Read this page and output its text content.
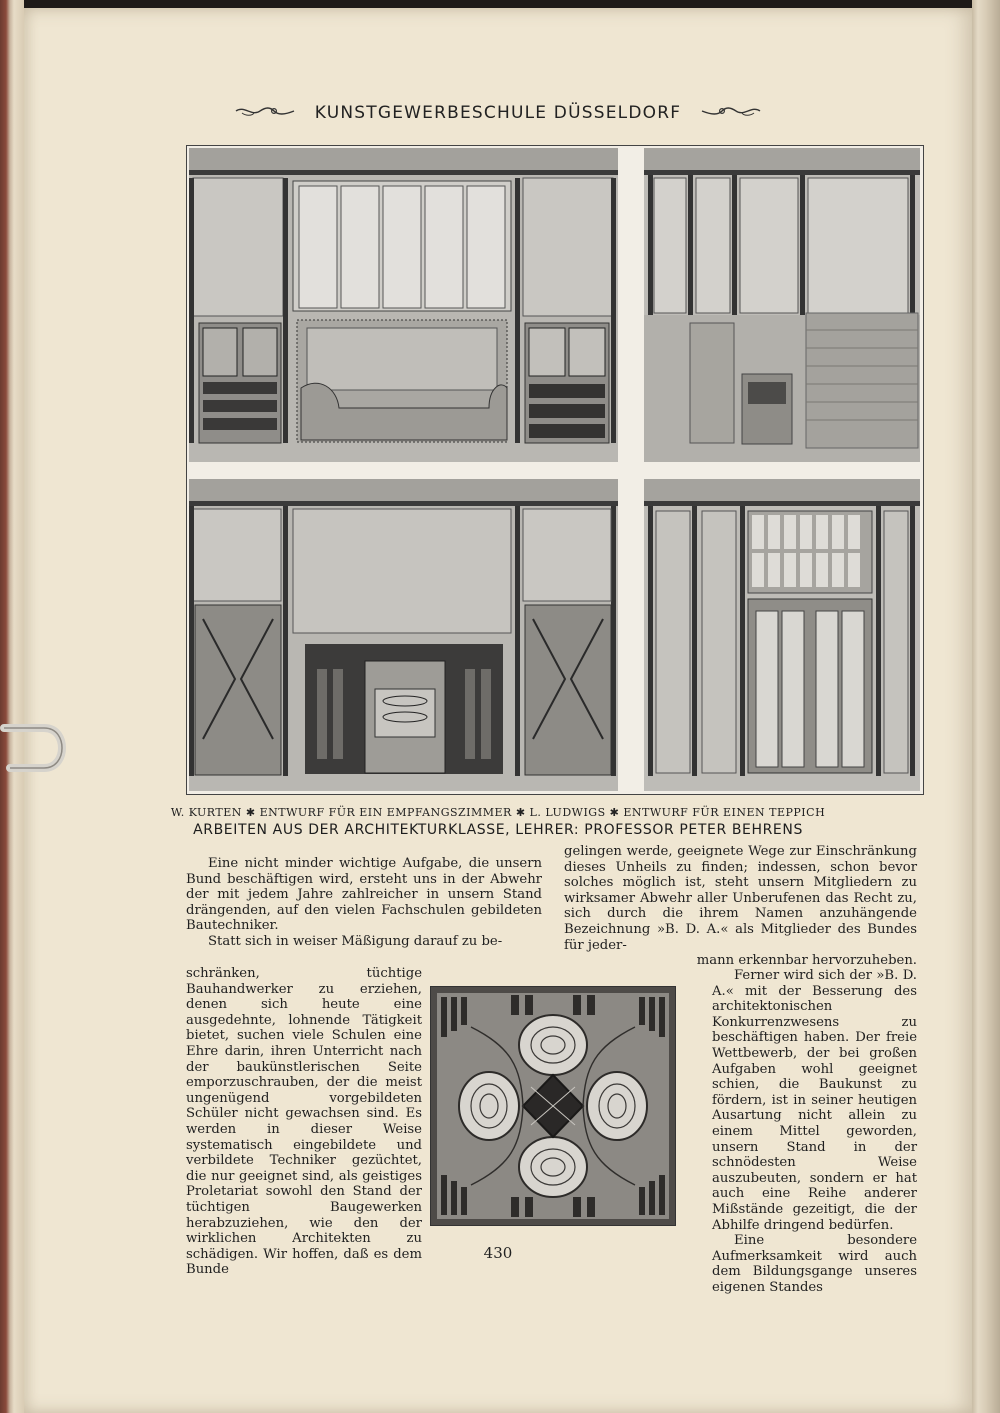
KUNSTGEWERBESCHULE DÜSSELDORF
W. KURTEN ✱ ENTWURF FÜR EIN EMPFANGSZIMMER ✱ L. LUDWIGS ✱ ENTWURF FÜR EINEN TEPPICH
ARBEITEN AUS DER ARCHITEKTURKLASSE, LEHRER: PROFESSOR PETER BEHRENS

Eine nicht minder wichtige Aufgabe, die unsern Bund beschäftigen wird, ersteht uns in der Abwehr der mit jedem Jahre zahlreicher in unsern Stand drängenden, auf den vielen Fachschulen gebildeten Bautechniker.

Statt sich in weiser Mäßigung darauf zu be-

schränken, tüchtige Bauhandwerker zu erziehen, denen sich heute eine ausgedehnte, lohnende Tätigkeit bietet, suchen viele Schulen eine Ehre darin, ihren Unterricht nach der baukünstlerischen Seite emporzuschrauben, der die meist ungenügend vorgebildeten Schüler nicht gewachsen sind. Es werden in dieser Weise systematisch eingebildete und verbildete Techniker gezüchtet, die nur geeignet sind, als geistiges Proletariat sowohl den Stand der tüchtigen Baugewerken herabzuziehen, wie den der wirklichen Architekten zu schädigen. Wir hoffen, daß es dem Bunde

gelingen werde, geeignete Wege zur Einschränkung dieses Unheils zu finden; indessen, schon bevor solches möglich ist, steht unsern Mitgliedern zu wirksamer Abwehr aller Unberufenen das Recht zu, sich durch die ihrem Namen anzuhängende Bezeichnung »B. D. A.« als Mitglieder des Bundes für jeder-

mann erkennbar hervorzuheben.

Ferner wird sich der »B. D. A.« mit der Besserung des architektonischen Konkurrenzwesens zu beschäftigen haben. Der freie Wettbewerb, der bei großen Aufgaben wohl geeignet schien, die Baukunst zu fördern, ist in seiner heutigen Ausartung nicht allein zu einem Mittel geworden, unsern Stand in der schnödesten Weise auszubeuten, sondern er hat auch eine Reihe anderer Mißstände gezeitigt, die der Abhilfe dringend bedürfen.

Eine besondere Aufmerksamkeit wird auch dem Bildungsgange unseres eigenen Standes

430
